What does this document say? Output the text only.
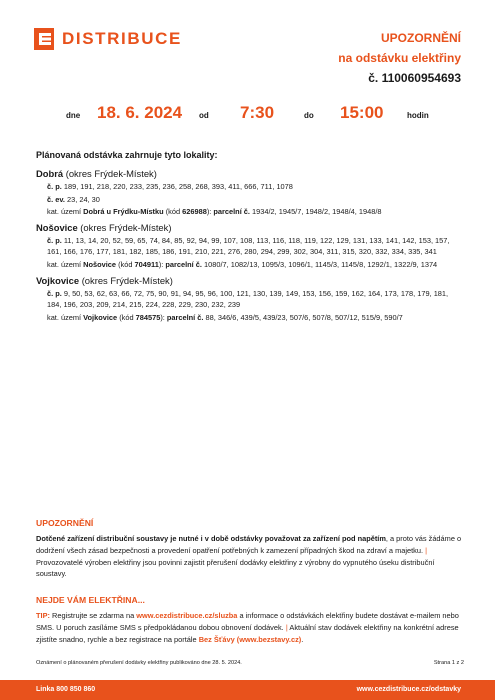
DISTRIBUCE	UPOZORNĚNÍ
na odstávku elektřiny
č. 110060954693
dne 18. 6. 2024 od 7:30	do 15:00	hodin
Plánovaná odstávka zahrnuje tyto lokality:
Dobrá (okres Frýdek-Místek)
č. p. 189, 191, 218, 220, 233, 235, 236, 258, 268, 393, 411, 666, 711, 1078
č. ev. 23, 24, 30
kat. území Dobrá u Frýdku-Místku (kód 626988): parcelní č. 1934/2, 1945/7, 1948/2, 1948/4, 1948/8
Nošovice (okres Frýdek-Místek)
č. p. 11, 13, 14, 20, 52, 59, 65, 74, 84, 85, 92, 94, 99, 107, 108, 113, 116, 118, 119, 122, 129, 131, 133, 141, 142, 153, 157, 161, 166, 176, 177, 181, 182, 185, 186, 191, 210, 221, 276, 280, 294, 299, 302, 304, 311, 315, 320, 332, 334, 335, 341
kat. území Nošovice (kód 704911): parcelní č. 1080/7, 1082/13, 1095/3, 1096/1, 1145/3, 1145/8, 1292/1, 1322/9, 1374
Vojkovice (okres Frýdek-Místek)
č. p. 9, 50, 53, 62, 63, 66, 72, 75, 90, 91, 94, 95, 96, 100, 121, 130, 139, 149, 153, 156, 159, 162, 164, 173, 178, 179, 181, 184, 196, 203, 209, 214, 215, 224, 228, 229, 230, 232, 239
kat. území Vojkovice (kód 784575): parcelní č. 88, 346/6, 439/5, 439/23, 507/6, 507/8, 507/12, 515/9, 590/7
UPOZORNĚNÍ
Dotčené zařízení distribuční soustavy je nutné i v době odstávky považovat za zařízení pod napětím, a proto vás žádáme o dodržení všech zásad bezpečnosti a provedení opatření potřebných k zamezení případných škod na zdraví a majetku. | Provozovatelé výroben elektřiny jsou povinni zajistit přerušení dodávky elektřiny z výrobny do vypnutého úseku distribuční soustavy.
NEJDE VÁM ELEKTŘINA...
TIP: Registrujte se zdarma na www.cezdistribuce.cz/sluzba a informace o odstávkách elektřiny budete dostávat e-mailem nebo SMS. U poruch zasíláme SMS s předpokládanou dobou obnovení dodávek. | Aktuální stav dodávek elektřiny na konkrétní adrese zjistíte snadno, rychle a bez registrace na portále Bez Šťávy (www.bezstavy.cz).
Oznámení o plánovaném přerušení dodávky elektřiny publikováno dne 28. 5. 2024.	Strana 1 z 2
Linka 800 850 860	www.cezdistribuce.cz/odstavky
